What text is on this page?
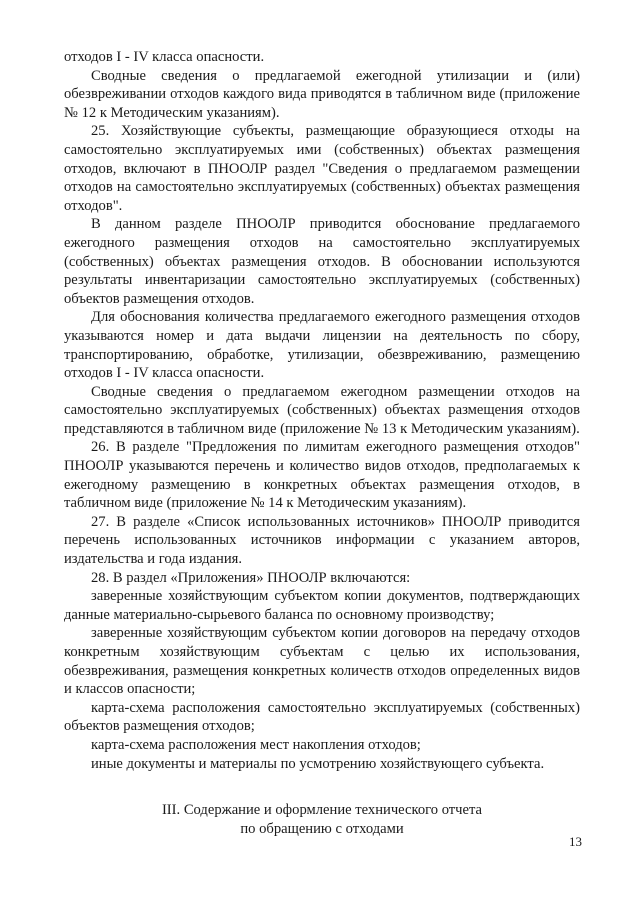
отходов I - IV класса опасности.

Сводные сведения о предлагаемой ежегодной утилизации и (или) обезвреживании отходов каждого вида приводятся в табличном виде (приложение № 12 к Методическим указаниям).

25. Хозяйствующие субъекты, размещающие образующиеся отходы на самостоятельно эксплуатируемых ими (собственных) объектах размещения отходов, включают в ПНООЛР раздел "Сведения о предлагаемом размещении отходов на самостоятельно эксплуатируемых (собственных) объектах размещения отходов".

В данном разделе ПНООЛР приводится обоснование предлагаемого ежегодного размещения отходов на самостоятельно эксплуатируемых (собственных) объектах размещения отходов. В обосновании используются результаты инвентаризации самостоятельно эксплуатируемых (собственных) объектов размещения отходов.

Для обоснования количества предлагаемого ежегодного размещения отходов указываются номер и дата выдачи лицензии на деятельность по сбору, транспортированию, обработке, утилизации, обезвреживанию, размещению отходов I - IV класса опасности.

Сводные сведения о предлагаемом ежегодном размещении отходов на самостоятельно эксплуатируемых (собственных) объектах размещения отходов представляются в табличном виде (приложение № 13 к Методическим указаниям).

26. В разделе "Предложения по лимитам ежегодного размещения отходов" ПНООЛР указываются перечень и количество видов отходов, предполагаемых к ежегодному размещению в конкретных объектах размещения отходов, в табличном виде (приложение № 14 к Методическим указаниям).

27. В разделе «Список использованных источников» ПНООЛР приводится перечень использованных источников информации с указанием авторов, издательства и года издания.

28. В раздел «Приложения» ПНООЛР включаются:

заверенные хозяйствующим субъектом копии документов, подтверждающих данные материально-сырьевого баланса по основному производству;

заверенные хозяйствующим субъектом копии договоров на передачу отходов конкретным хозяйствующим субъектам с целью их использования, обезвреживания, размещения конкретных количеств отходов определенных видов и классов опасности;

карта-схема расположения самостоятельно эксплуатируемых (собственных) объектов размещения отходов;

карта-схема расположения мест накопления отходов;

иные документы и материалы по усмотрению хозяйствующего субъекта.

III. Содержание и оформление технического отчета
по обращению с отходами
13
